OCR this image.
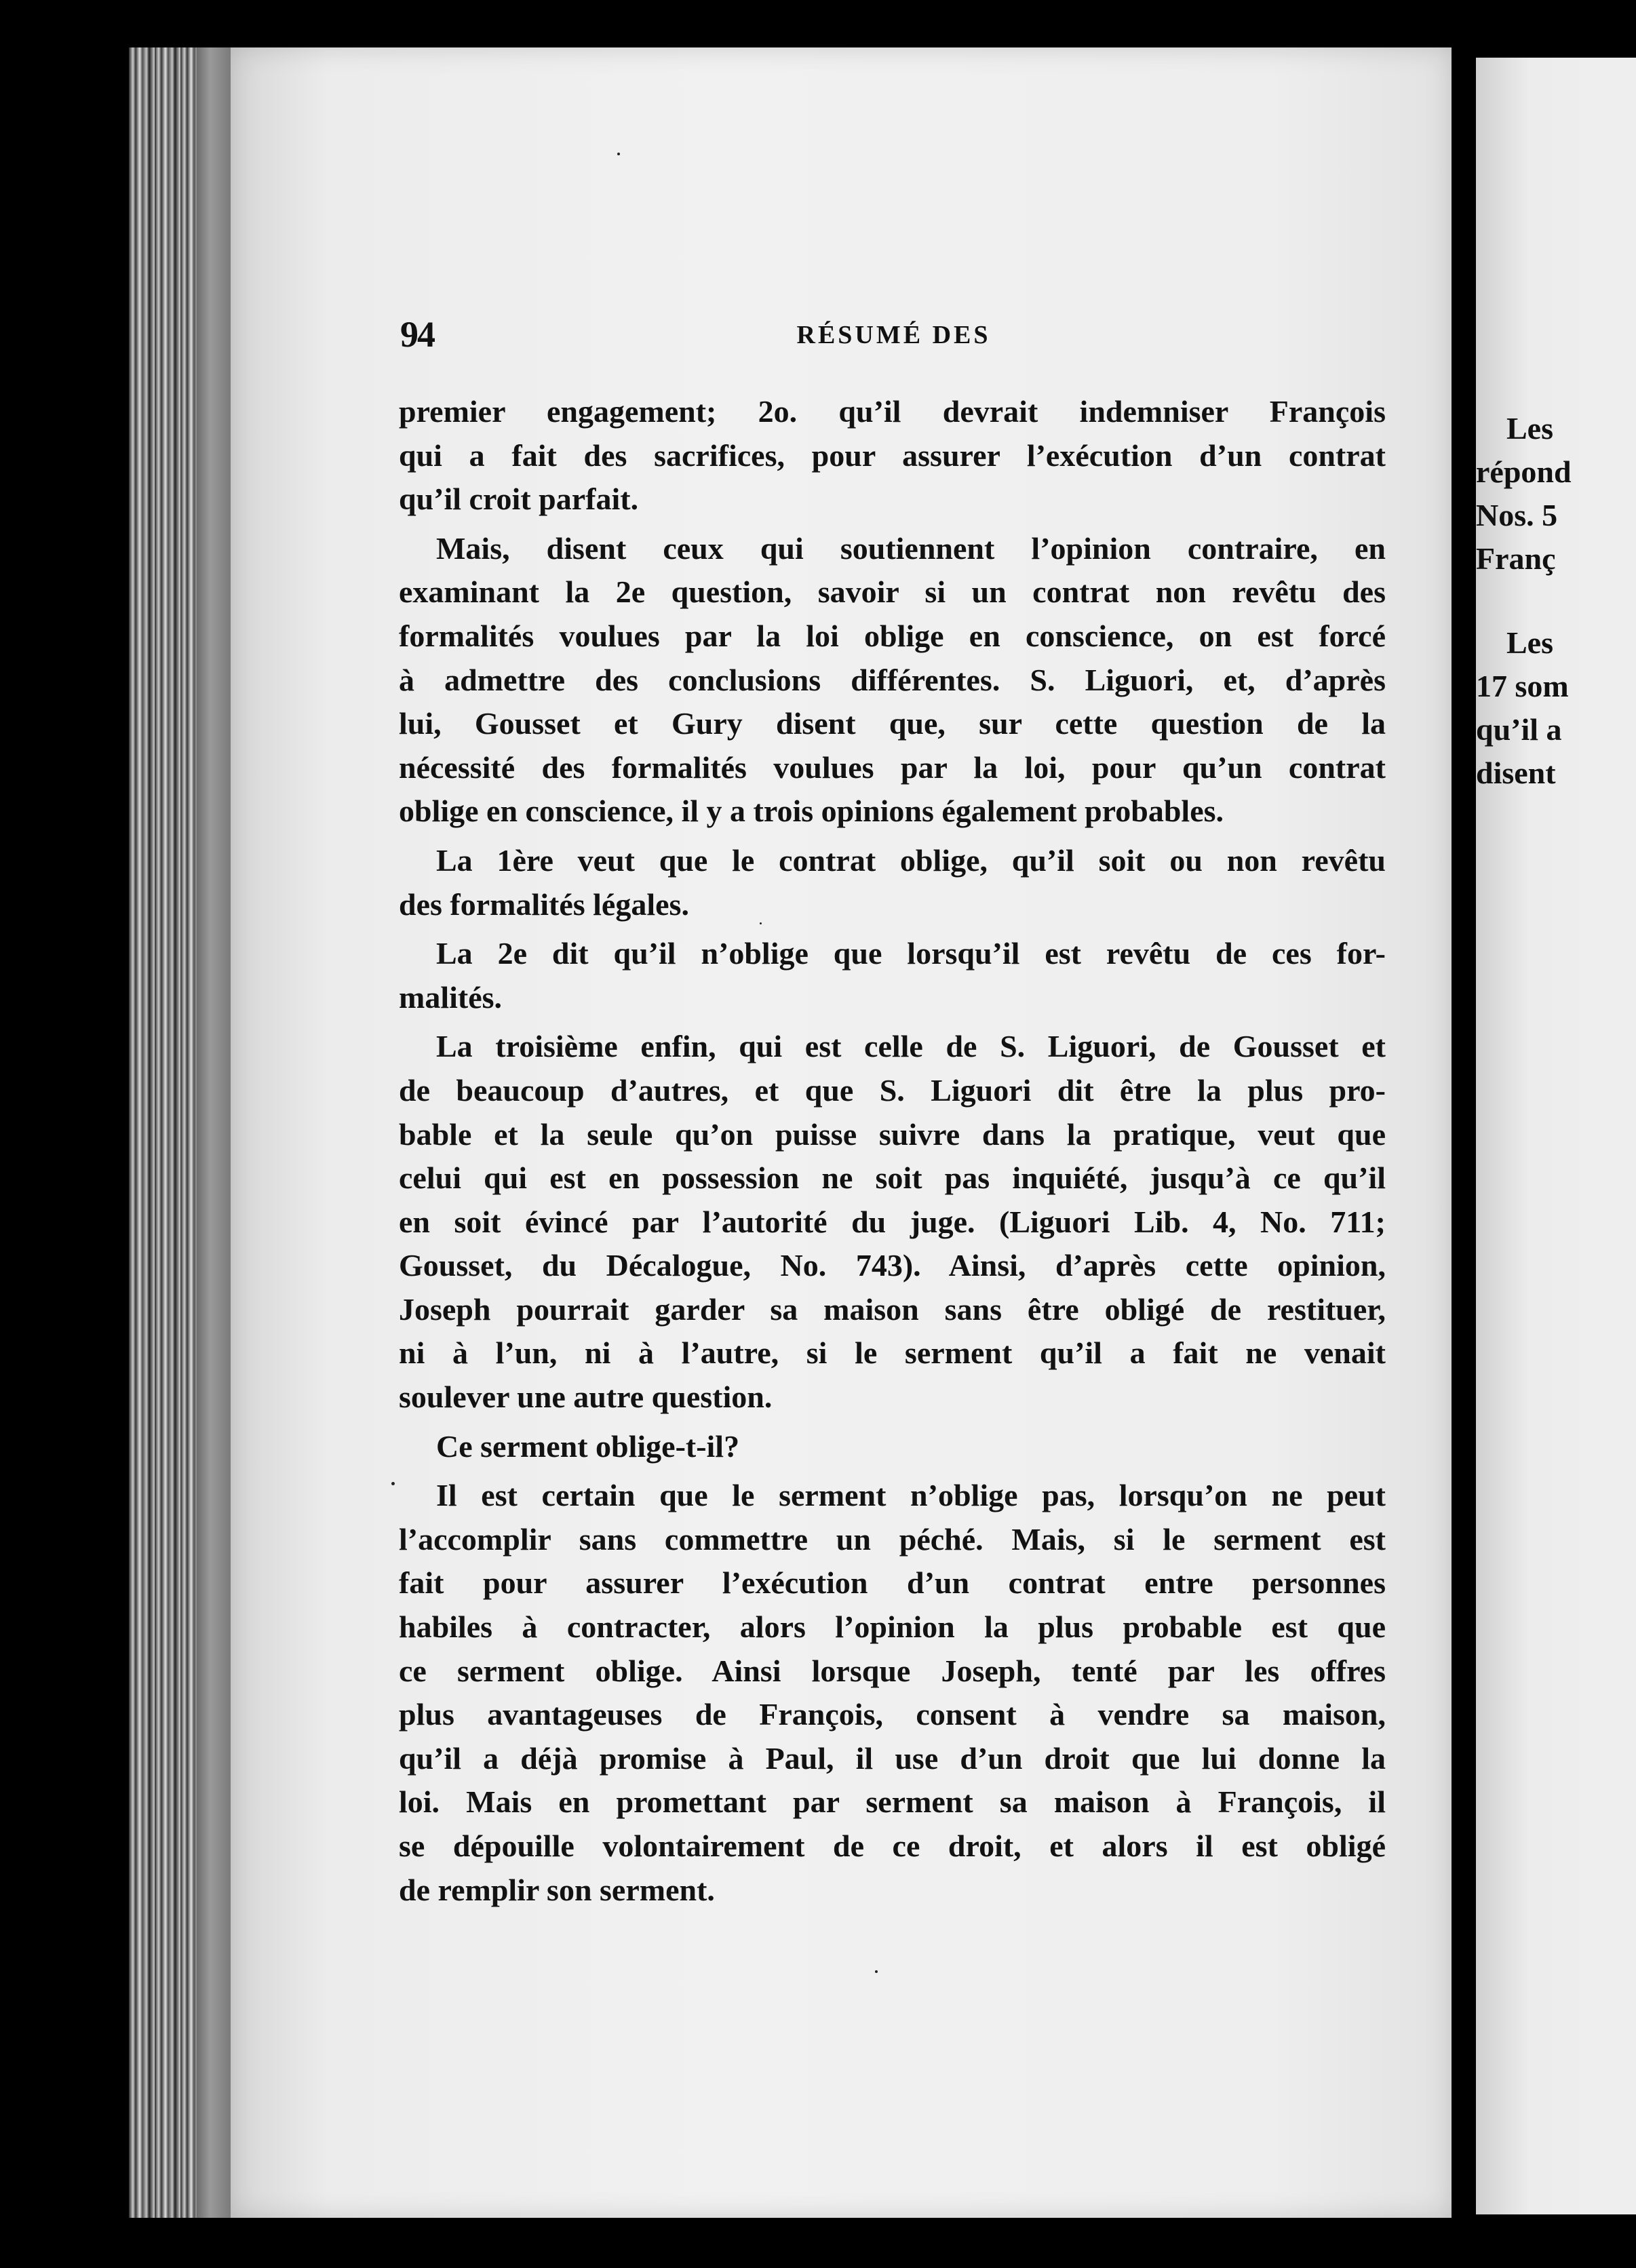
Les
répond
Nos. 5
Franç
Les
17 som
qu’il a
disent
94	RÉSUMÉ DES
premier engagement; 2o. qu’il devrait indemniser François
qui a fait des sacrifices, pour assurer l’exécution d’un contrat
qu’il croit parfait.
Mais, disent ceux qui soutiennent l’opinion contraire, en
examinant la 2e question, savoir si un contrat non revêtu des
formalités voulues par la loi oblige en conscience, on est forcé
à admettre des conclusions différentes. S. Liguori, et, d’après
lui, Gousset et Gury disent que, sur cette question de la
nécessité des formalités voulues par la loi, pour qu’un contrat
oblige en conscience, il y a trois opinions également probables.
La 1ère veut que le contrat oblige, qu’il soit ou non revêtu
des formalités légales.
La 2e dit qu’il n’oblige que lorsqu’il est revêtu de ces for-
malités.
La troisième enfin, qui est celle de S. Liguori, de Gousset et
de beaucoup d’autres, et que S. Liguori dit être la plus pro-
bable et la seule qu’on puisse suivre dans la pratique, veut que
celui qui est en possession ne soit pas inquiété, jusqu’à ce qu’il
en soit évincé par l’autorité du juge. (Liguori Lib. 4, No. 711;
Gousset, du Décalogue, No. 743). Ainsi, d’après cette opinion,
Joseph pourrait garder sa maison sans être obligé de restituer,
ni à l’un, ni à l’autre, si le serment qu’il a fait ne venait
soulever une autre question.
Ce serment oblige-t-il?
Il est certain que le serment n’oblige pas, lorsqu’on ne peut
l’accomplir sans commettre un péché. Mais, si le serment est
fait pour assurer l’exécution d’un contrat entre personnes
habiles à contracter, alors l’opinion la plus probable est que
ce serment oblige. Ainsi lorsque Joseph, tenté par les offres
plus avantageuses de François, consent à vendre sa maison,
qu’il a déjà promise à Paul, il use d’un droit que lui donne la
loi. Mais en promettant par serment sa maison à François, il
se dépouille volontairement de ce droit, et alors il est obligé
de remplir son serment.
